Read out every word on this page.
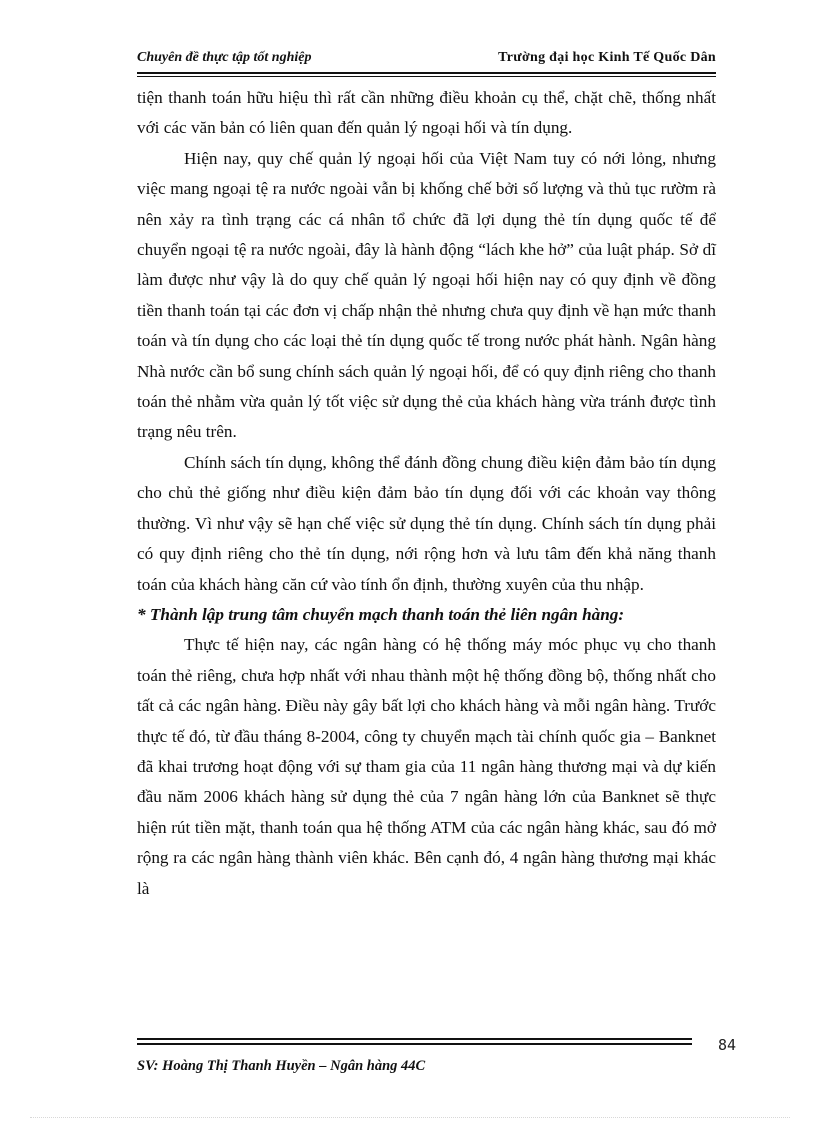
Chuyên đề thực tập tốt nghiệp	Trường đại học Kinh Tế Quốc Dân

tiện thanh toán hữu hiệu thì rất cần những điều khoản cụ thể, chặt chẽ, thống nhất với các văn bản có liên quan đến quản lý ngoại hối và tín dụng.

Hiện nay, quy chế quản lý ngoại hối của Việt Nam tuy có nới lỏng, nhưng việc mang ngoại tệ ra nước ngoài vẫn bị khống chế bởi số lượng và thủ tục rườm rà nên xảy ra tình trạng các cá nhân tổ chức đã lợi dụng thẻ tín dụng quốc tế để chuyển ngoại tệ ra nước ngoài, đây là hành động “lách khe hở” của luật pháp. Sở dĩ làm được như vậy là do quy chế quản lý ngoại hối hiện nay có quy định về đồng tiền thanh toán tại các đơn vị chấp nhận thẻ nhưng chưa quy định về hạn mức thanh toán và tín dụng cho các loại thẻ tín dụng quốc tế trong nước phát hành. Ngân hàng Nhà nước cần bổ sung chính sách quản lý ngoại hối, để có quy định riêng cho thanh toán thẻ nhằm vừa quản lý tốt việc sử dụng thẻ của khách hàng vừa tránh được tình trạng nêu trên.

Chính sách tín dụng, không thể đánh đồng chung điều kiện đảm bảo tín dụng cho chủ thẻ giống như điều kiện đảm bảo tín dụng đối với các khoản vay thông thường. Vì như vậy sẽ hạn chế việc sử dụng thẻ tín dụng. Chính sách tín dụng phải có quy định riêng cho thẻ tín dụng, nới rộng hơn và lưu tâm đến khả năng thanh toán của khách hàng căn cứ vào tính ổn định, thường xuyên của thu nhập.

* Thành lập trung tâm chuyển mạch thanh toán thẻ liên ngân hàng:

Thực tế hiện nay, các ngân hàng có hệ thống máy móc phục vụ cho thanh toán thẻ riêng, chưa hợp nhất với nhau thành một hệ thống đồng bộ, thống nhất cho tất cả các ngân hàng. Điều này gây bất lợi cho khách hàng và mỗi ngân hàng. Trước thực tế đó, từ đầu tháng 8-2004, công ty chuyển mạch tài chính quốc gia – Banknet đã khai trương hoạt động với sự tham gia của 11 ngân hàng thương mại và dự kiến đầu năm 2006 khách hàng sử dụng thẻ của 7 ngân hàng lớn của Banknet sẽ thực hiện rút tiền mặt, thanh toán qua hệ thống ATM của các ngân hàng khác, sau đó mở rộng ra các ngân hàng thành viên khác. Bên cạnh đó, 4 ngân hàng thương mại khác là

84
SV: Hoàng Thị Thanh Huyền – Ngân hàng 44C
